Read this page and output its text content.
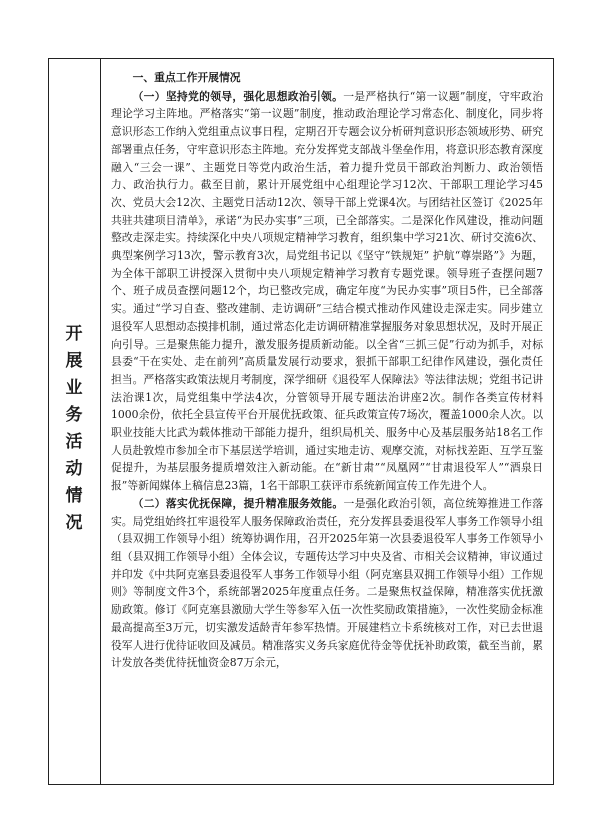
开
展
业
务
活
动
情
况
一、重点工作开展情况

（一）坚持党的领导，强化思想政治引领。一是严格执行“第一议题”制度，守牢政治理论学习主阵地。严格落实“第一议题”制度，推动政治理论学习常态化、制度化，同步将意识形态工作纳入党组重点议事日程，定期召开专题会议分析研判意识形态领域形势、研究部署重点任务，守牢意识形态主阵地。充分发挥党支部战斗堡垒作用，将意识形态教育深度融入“三会一课”、主题党日等党内政治生活，着力提升党员干部政治判断力、政治领悟力、政治执行力。截至目前，累计开展党组中心组理论学习12次、干部职工理论学习45次、党员大会12次、主题党日活动12次、领导干部上党课4次。与团结社区签订《2025年共驻共建项目清单》，承诺“为民办实事”三项，已全部落实。二是深化作风建设，推动问题整改走深走实。持续深化中央八项规定精神学习教育，组织集中学习21次、研讨交流6次、典型案例学习13次，警示教育3次，局党组书记以《坚守“铁规矩” 护航“尊崇路”》为题，为全体干部职工讲授深入贯彻中央八项规定精神学习教育专题党课。领导班子查摆问题7个、班子成员查摆问题12个，均已整改完成，确定年度“为民办实事”项目5件，已全部落实。通过“学习自查、整改建制、走访调研”三结合模式推动作风建设走深走实。同步建立退役军人思想动态摸排机制，通过常态化走访调研精准掌握服务对象思想状况，及时开展正向引导。三是聚焦能力提升，激发服务提质新动能。以全省“三抓三促”行动为抓手，对标县委“干在实处、走在前列”高质量发展行动要求，狠抓干部职工纪律作风建设，强化责任担当。严格落实政策法规月考制度，深学细研《退役军人保障法》等法律法规；党组书记讲法治课1次，局党组集中学法4次，分管领导开展专题法治讲座2次。制作各类宣传材料1000余份，依托全县宣传平台开展优抚政策、征兵政策宣传7场次，覆盖1000余人次。以职业技能大比武为载体推动干部能力提升，组织局机关、服务中心及基层服务站18名工作人员赴敦煌市参加全市下基层送学培训，通过实地走访、观摩交流，对标找差距、互学互鉴促提升，为基层服务提质增效注入新动能。在“新甘肃”“凤凰网”“甘肃退役军人”“酒泉日报”等新闻媒体上稿信息23篇，1名干部职工获评市系统新闻宣传工作先进个人。

（二）落实优抚保障，提升精准服务效能。一是强化政治引领，高位统筹推进工作落实。局党组始终扛牢退役军人服务保障政治责任，充分发挥县委退役军人事务工作领导小组（县双拥工作领导小组）统筹协调作用，召开2025年第一次县委退役军人事务工作领导小组（县双拥工作领导小组）全体会议，专题传达学习中央及省、市相关会议精神，审议通过并印发《中共阿克塞县委退役军人事务工作领导小组（阿克塞县双拥工作领导小组）工作规则》等制度文件3个，系统部署2025年度重点任务。二是聚焦权益保障，精准落实优抚激励政策。修订《阿克塞县激励大学生等参军入伍一次性奖励政策措施》，一次性奖励金标准最高提高至3万元，切实激发适龄青年参军热情。开展建档立卡系统核对工作，对已去世退役军人进行优待证收回及减员。精准落实义务兵家庭优待金等优抚补助政策，截至当前，累计发放各类优待抚恤资金87万余元，
